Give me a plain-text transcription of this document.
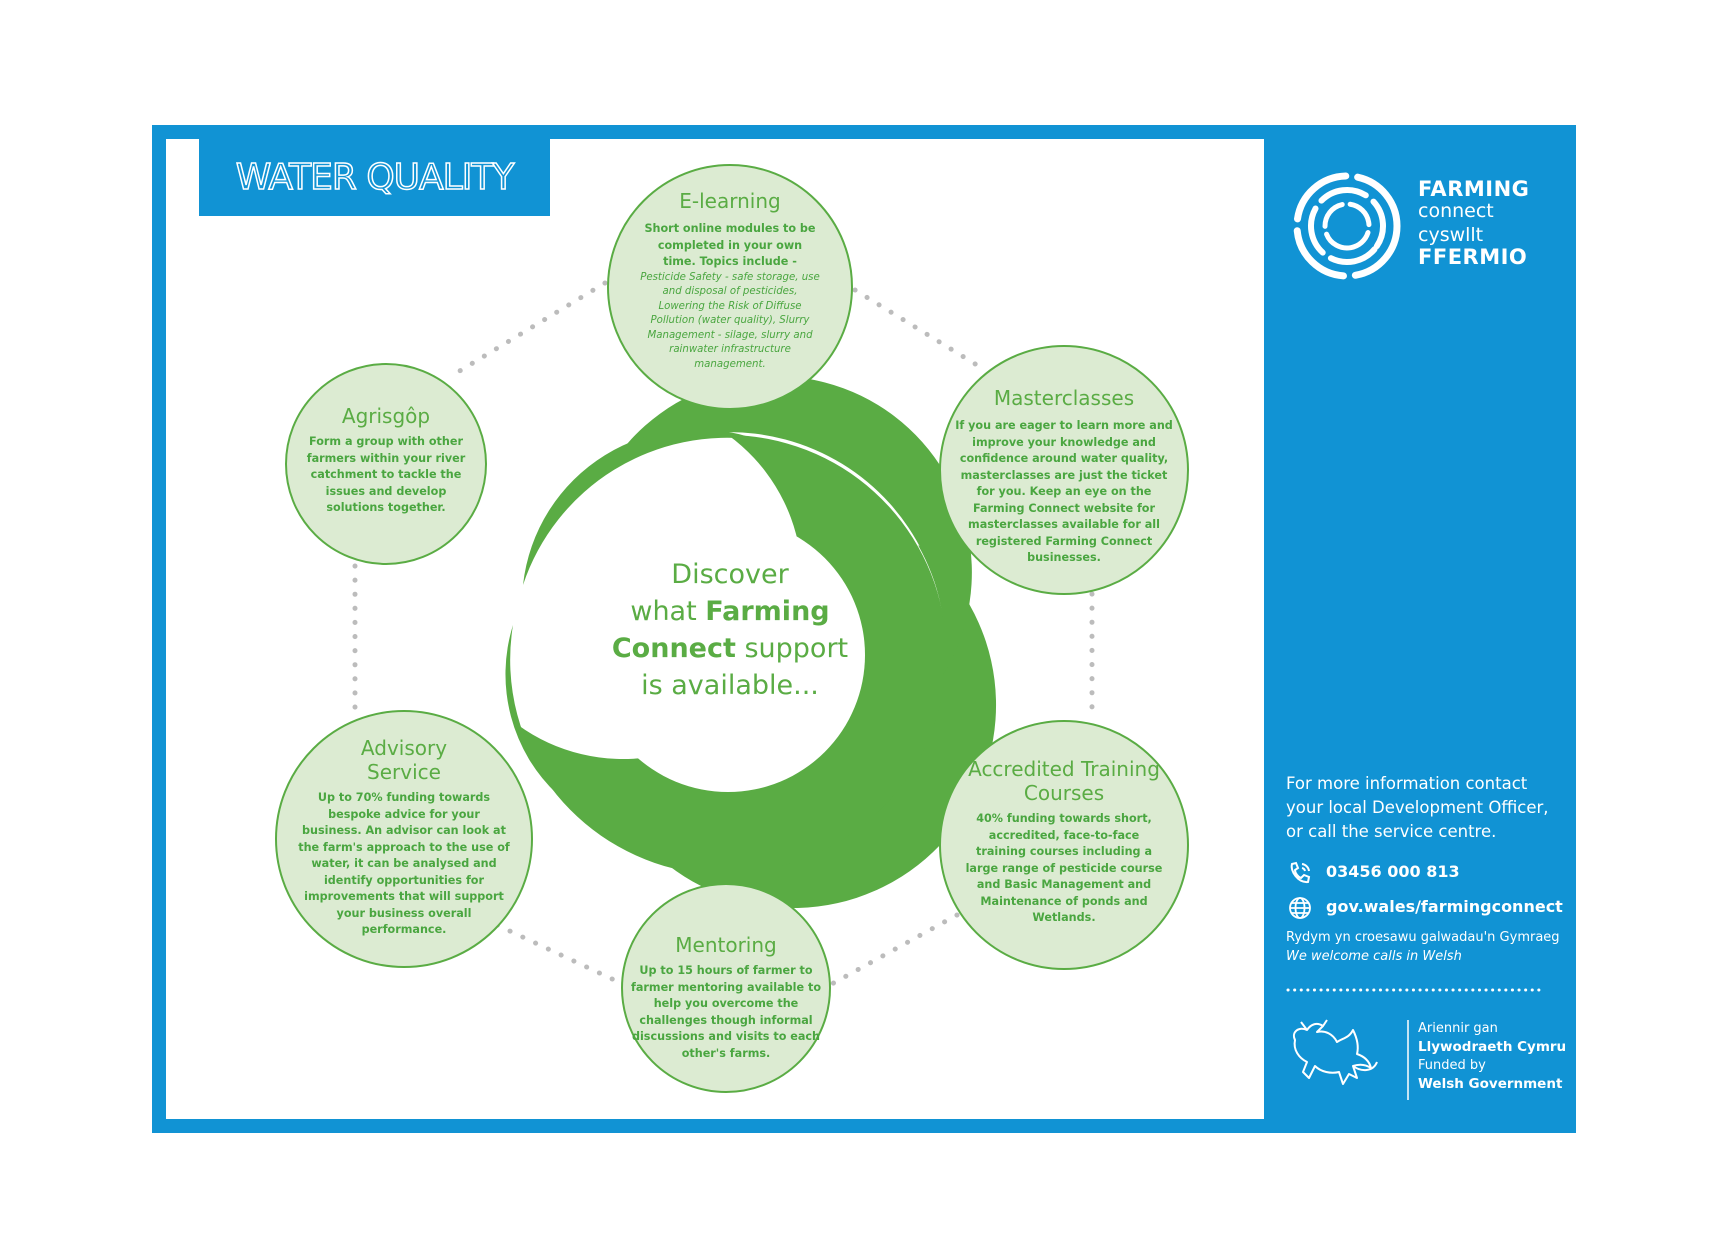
WATER QUALITY
Discover
what Farming
Connect support
is available...
E-learning

Short online modules to be completed in your own time. Topics include -

Pesticide Safety - safe storage, use and disposal of pesticides, Lowering the Risk of Diffuse Pollution (water quality), Slurry Management - silage, slurry and rainwater infrastructure management.

Masterclasses

If you are eager to learn more and improve your knowledge and confidence around water quality, masterclasses are just the ticket for you. Keep an eye on the Farming Connect website for masterclasses available for all registered Farming Connect businesses.

Accredited Training Courses

40% funding towards short, accredited, face-to-face training courses including a large range of pesticide course and Basic Management and Maintenance of ponds and Wetlands.

Mentoring

Up to 15 hours of farmer to farmer mentoring available to help you overcome the challenges though informal discussions and visits to each other's farms.

Advisory Service

Up to 70% funding towards bespoke advice for your business. An advisor can look at the farm's approach to the use of water, it can be analysed and identify opportunities for improvements that will support your business overall performance.

Agrisgôp

Form a group with other farmers within your river catchment to tackle the issues and develop solutions together.

FARMING
connect
cyswllt
FFERMIO
For more information contact your local Development Officer, or call the service centre.
03456 000 813
gov.wales/farmingconnect
Rydym yn croesawu galwadau'n Gymraeg
We welcome calls in Welsh
Ariennir gan
Llywodraeth Cymru
Funded by
Welsh Government
